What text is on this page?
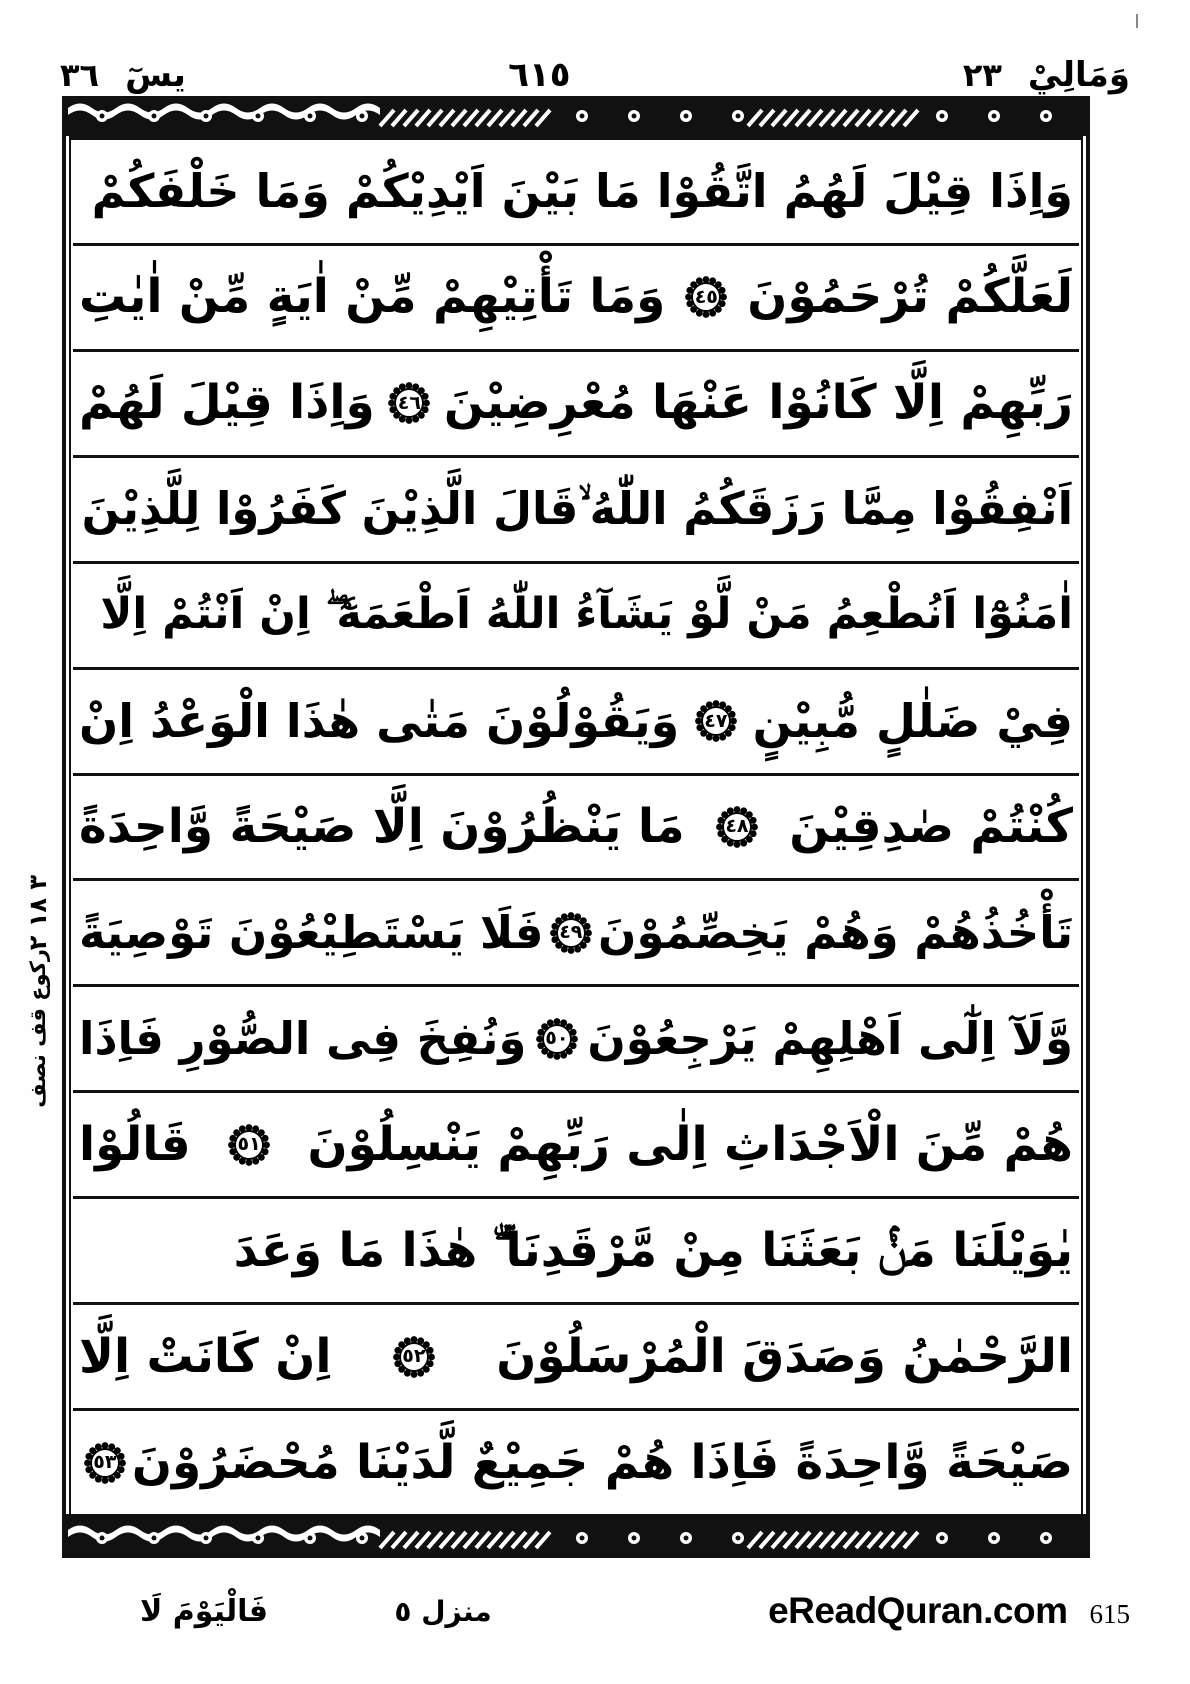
وَمَالِيْ
٢٣
٦١٥
يسٓ
٣٦
٣ ١٨ ٢
ركوع قف نصف
وَاِذَا قِيْلَ لَهُمُ اتَّقُوْا مَا بَيْنَ اَيْدِيْكُمْ وَمَا خَلْفَكُمْ
لَعَلَّكُمْ تُرْحَمُوْنَ
٤٥
وَمَا تَأْتِيْهِمْ مِّنْ اٰيَةٍ مِّنْ اٰيٰتِ
رَبِّهِمْ اِلَّا كَانُوْا عَنْهَا مُعْرِضِيْنَ
٤٦
وَاِذَا قِيْلَ لَهُمْ
اَنْفِقُوْا مِمَّا رَزَقَكُمُ اللّٰهُ ۙقَالَ الَّذِيْنَ كَفَرُوْا لِلَّذِيْنَ
اٰمَنُوْٓا اَنُطْعِمُ مَنْ لَّوْ يَشَآءُ اللّٰهُ اَطْعَمَهٗٓ ۖ اِنْ اَنْتُمْ اِلَّا
فِيْ ضَلٰلٍ مُّبِيْنٍ
٤٧
وَيَقُوْلُوْنَ مَتٰى هٰذَا الْوَعْدُ اِنْ
كُنْتُمْ صٰدِقِيْنَ
٤٨
مَا يَنْظُرُوْنَ اِلَّا صَيْحَةً وَّاحِدَةً
تَأْخُذُهُمْ وَهُمْ يَخِصِّمُوْنَ
٤٩
فَلَا يَسْتَطِيْعُوْنَ تَوْصِيَةً
وَّلَآ اِلٰٓى اَهْلِهِمْ يَرْجِعُوْنَ
٥٠
وَنُفِخَ فِى الصُّوْرِ فَاِذَا
هُمْ مِّنَ الْاَجْدَاثِ اِلٰى رَبِّهِمْ يَنْسِلُوْنَ
٥١
قَالُوْا
يٰوَيْلَنَا مَنْۢ بَعَثَنَا مِنْ مَّرْقَدِنَا ۜۗ هٰذَا مَا وَعَدَ
الرَّحْمٰنُ وَصَدَقَ الْمُرْسَلُوْنَ
٥٢
اِنْ كَانَتْ اِلَّا
صَيْحَةً وَّاحِدَةً فَاِذَا هُمْ جَمِيْعٌ لَّدَيْنَا مُحْضَرُوْنَ
٥٣
فَالْيَوْمَ لَا	منزل ٥	eReadQuran.com 615
